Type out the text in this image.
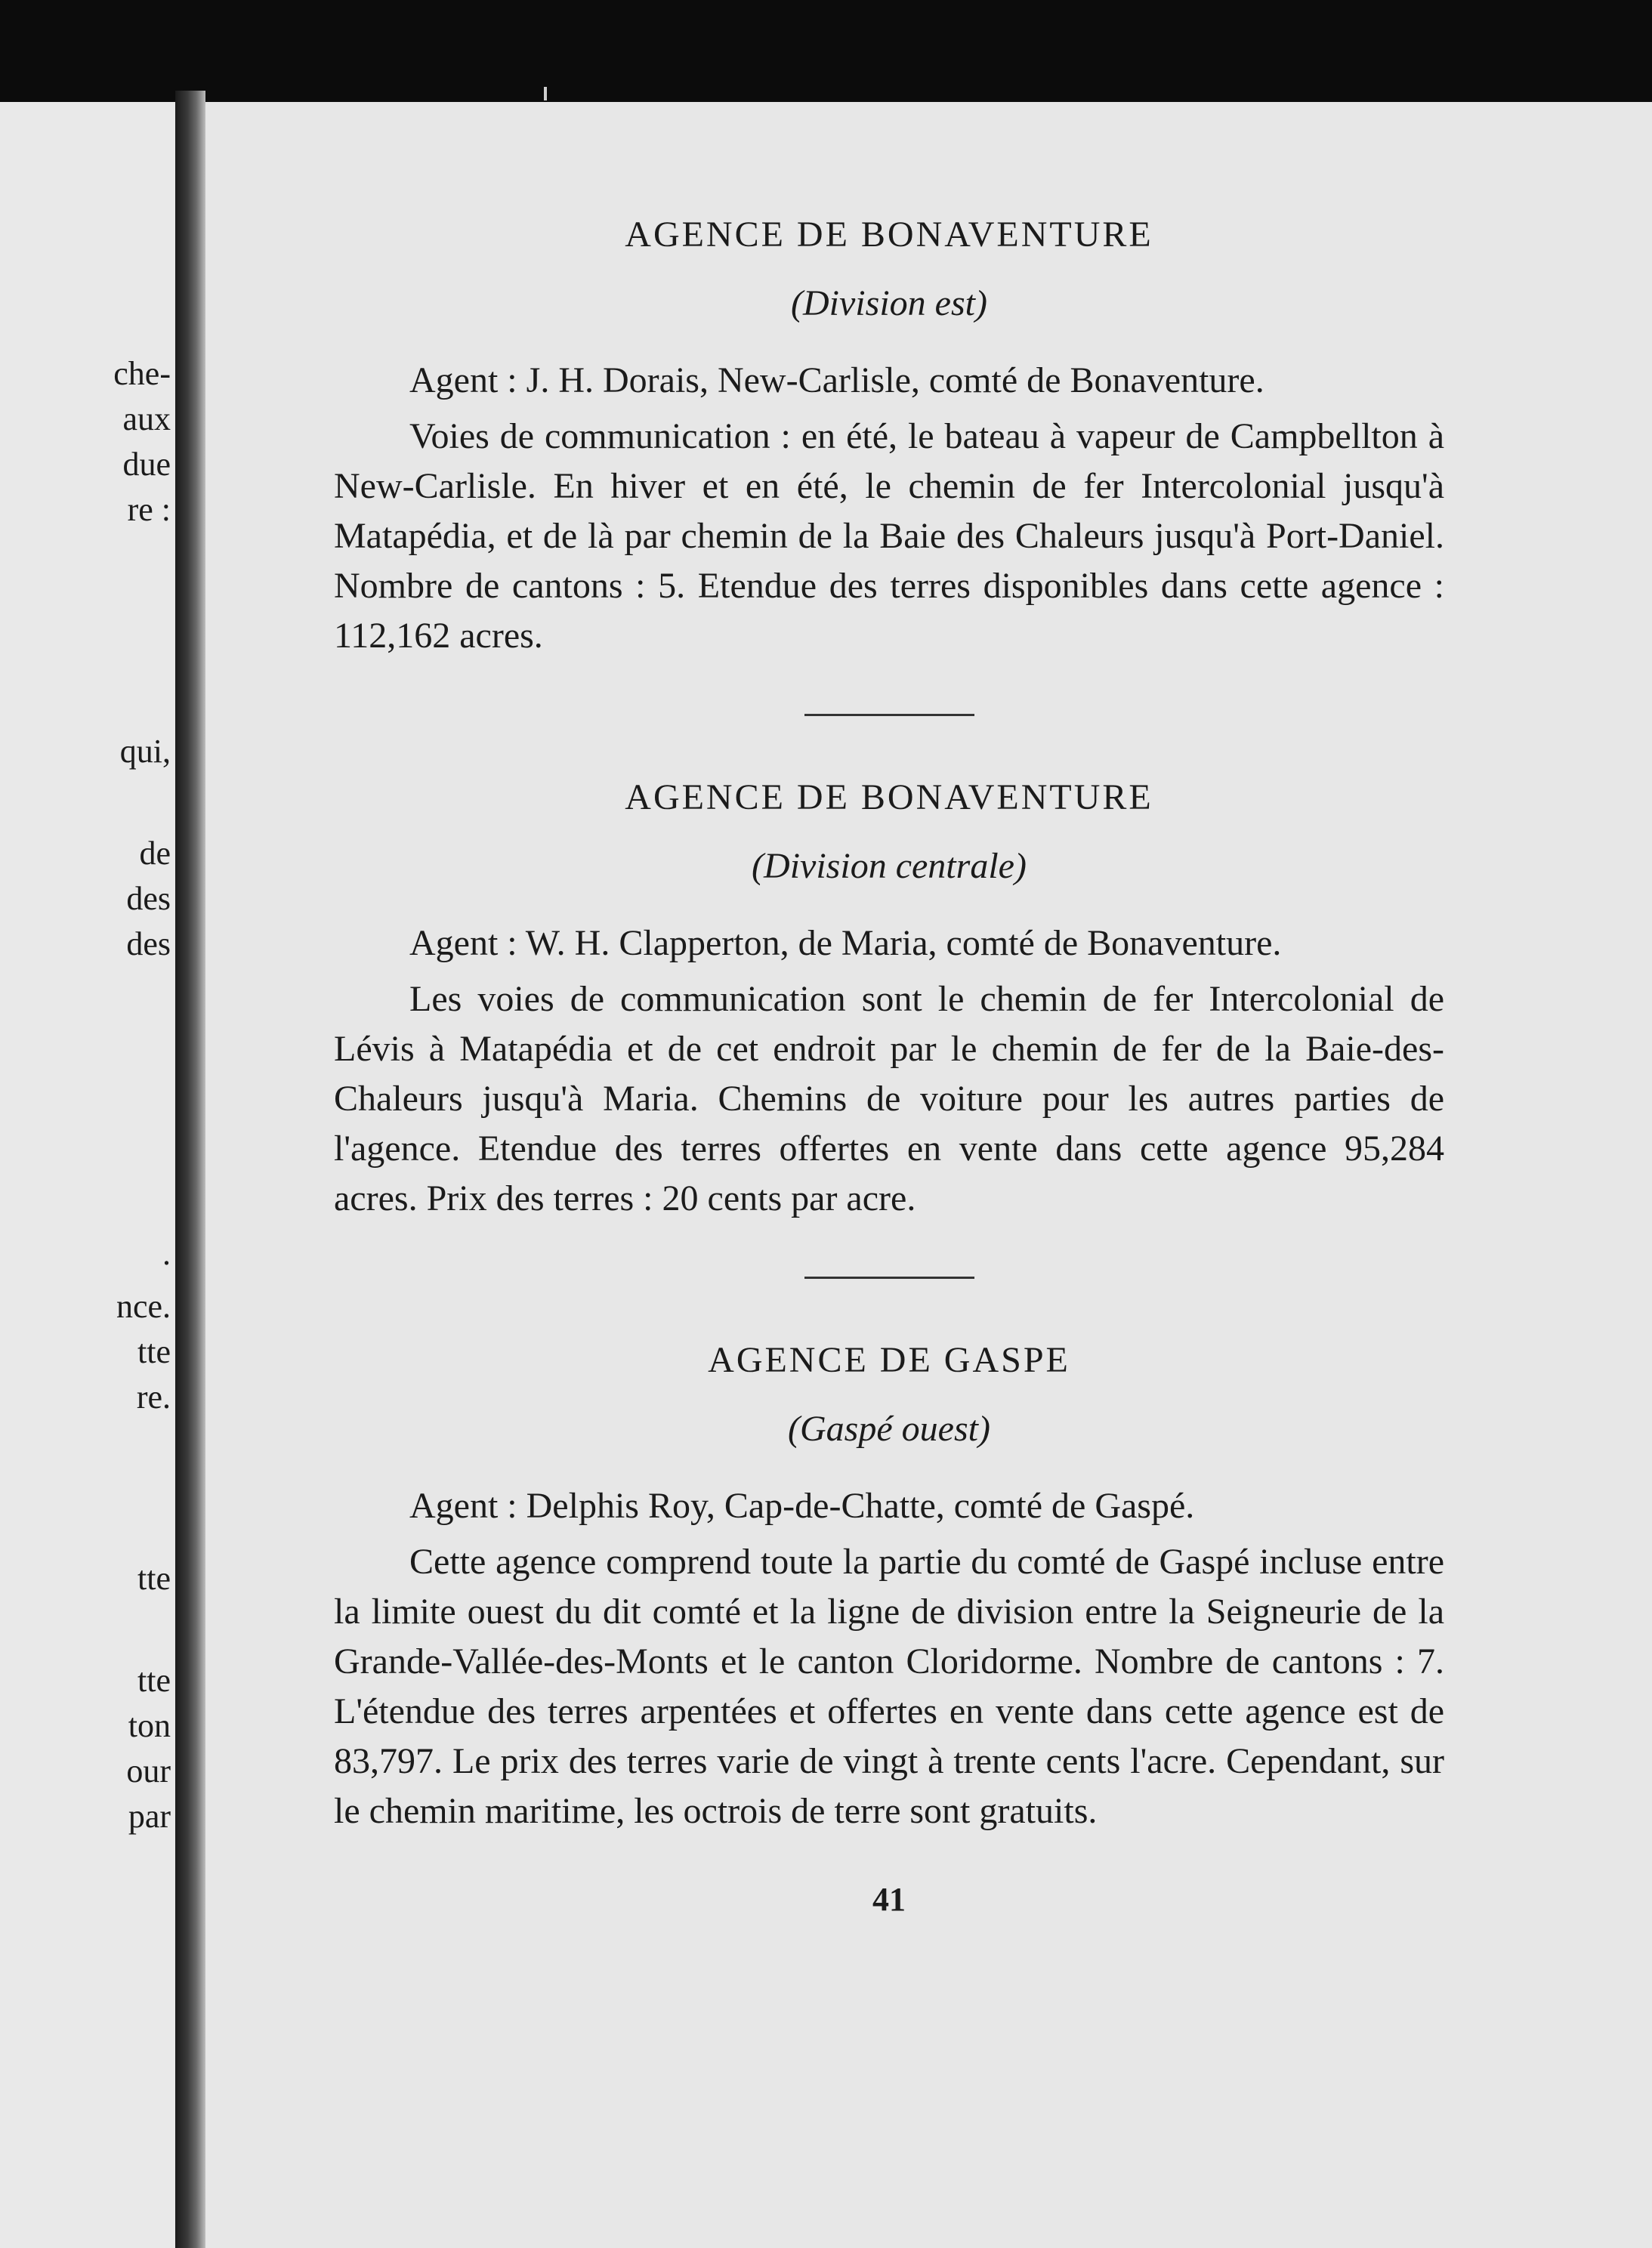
che-
aux
due
re :
qui,
de
des
des
.
nce.
tte
re.
tte
tte
ton
our
par
AGENCE DE BONAVENTURE
(Division est)

Agent : J. H. Dorais, New-Carlisle, comté de Bonaventure.

Voies de communication : en été, le bateau à vapeur de Campbellton à New-Carlisle. En hiver et en été, le chemin de fer Intercolonial jusqu'à Matapédia, et de là par chemin de la Baie des Chaleurs jusqu'à Port-Daniel. Nombre de cantons : 5. Etendue des terres disponibles dans cette agence : 112,162 acres.

AGENCE DE BONAVENTURE
(Division centrale)

Agent : W. H. Clapperton, de Maria, comté de Bonaventure.

Les voies de communication sont le chemin de fer Intercolonial de Lévis à Matapédia et de cet endroit par le chemin de fer de la Baie-des-Chaleurs jusqu'à Maria. Chemins de voiture pour les autres parties de l'agence. Etendue des terres offertes en vente dans cette agence 95,284 acres. Prix des terres : 20 cents par acre.

AGENCE DE GASPE
(Gaspé ouest)

Agent : Delphis Roy, Cap-de-Chatte, comté de Gaspé.

Cette agence comprend toute la partie du comté de Gaspé incluse entre la limite ouest du dit comté et la ligne de division entre la Seigneurie de la Grande-Vallée-des-Monts et le canton Cloridorme. Nombre de cantons : 7. L'étendue des terres arpentées et offertes en vente dans cette agence est de 83,797. Le prix des terres varie de vingt à trente cents l'acre. Cependant, sur le chemin maritime, les octrois de terre sont gratuits.

41
